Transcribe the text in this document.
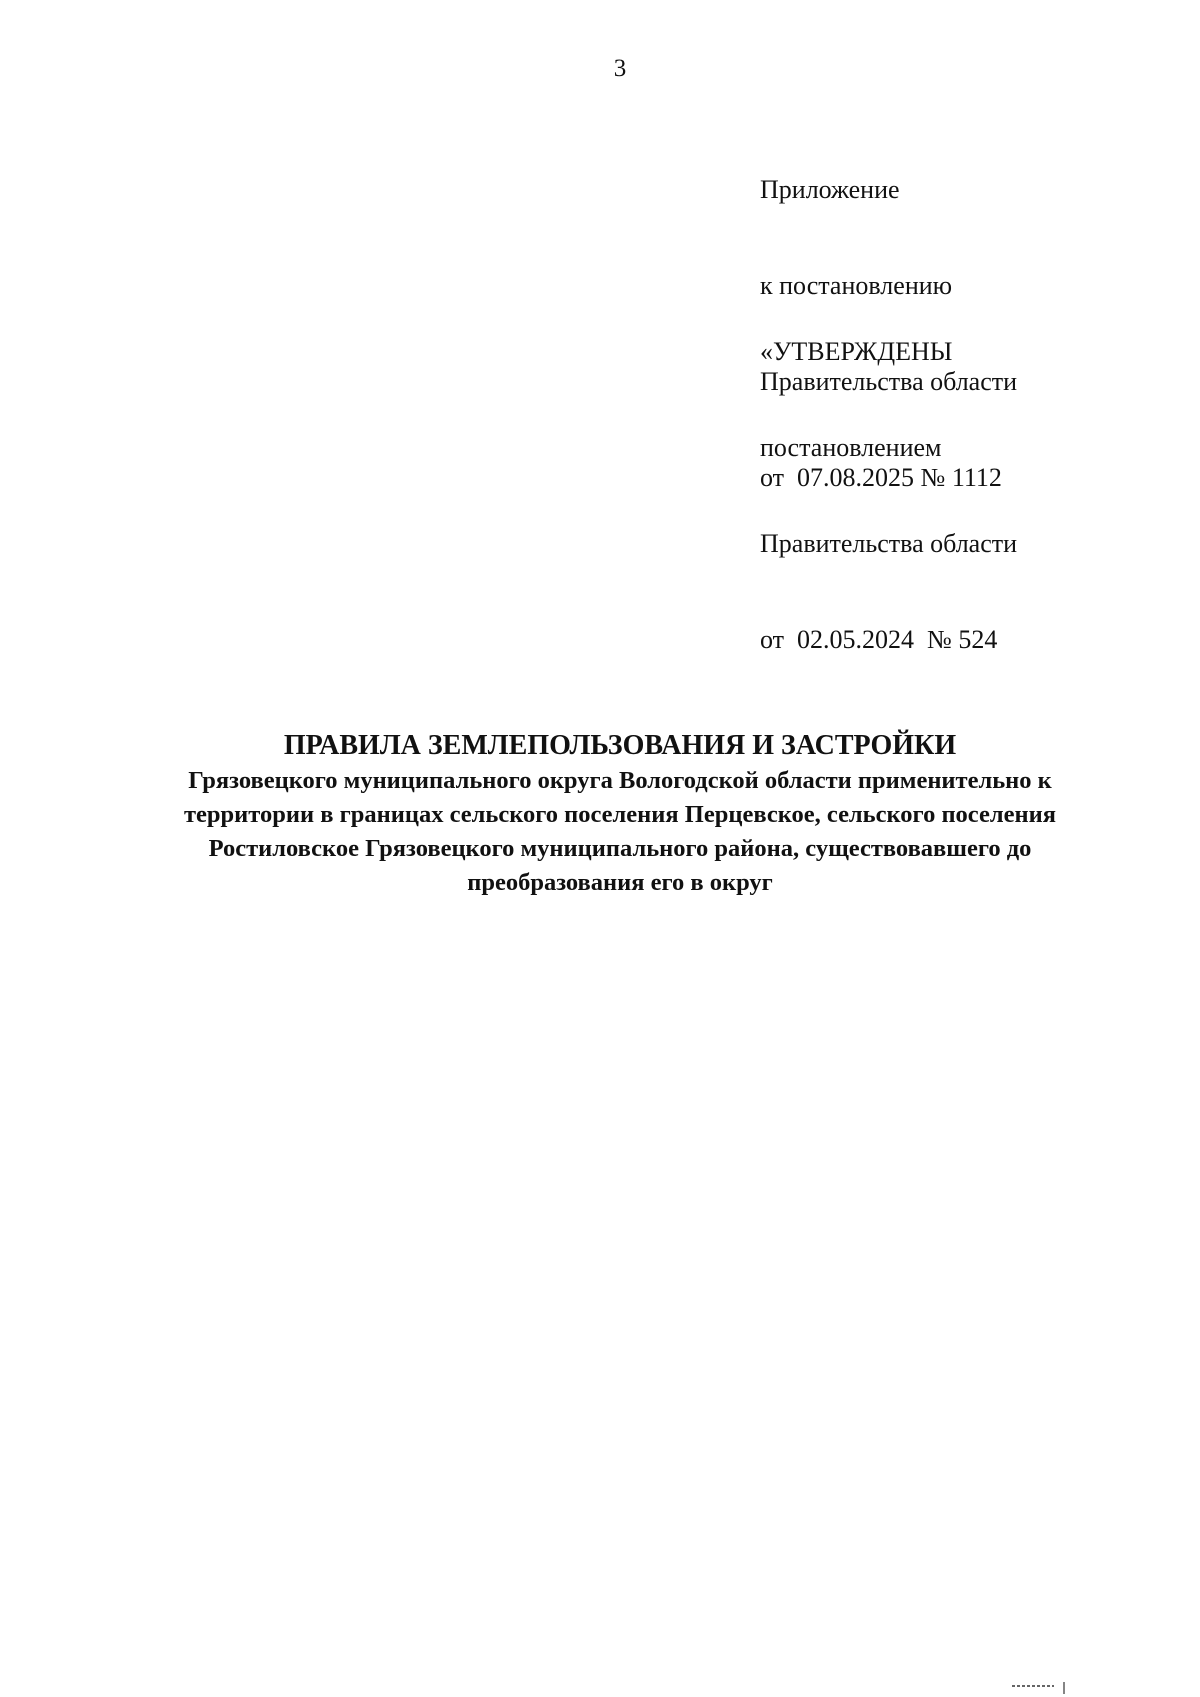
3

Приложение

к постановлению

Правительства области

от  07.08.2025 № 1112

«УТВЕРЖДЕНЫ

постановлением

Правительства области

от  02.05.2024  № 524

ПРАВИЛА ЗЕМЛЕПОЛЬЗОВАНИЯ И ЗАСТРОЙКИ
Грязовецкого муниципального округа Вологодской области применительно к
территории в границах сельского поселения Перцевское, сельского поселения
Ростиловское Грязовецкого муниципального района, существовавшего до
преобразования его в округ
